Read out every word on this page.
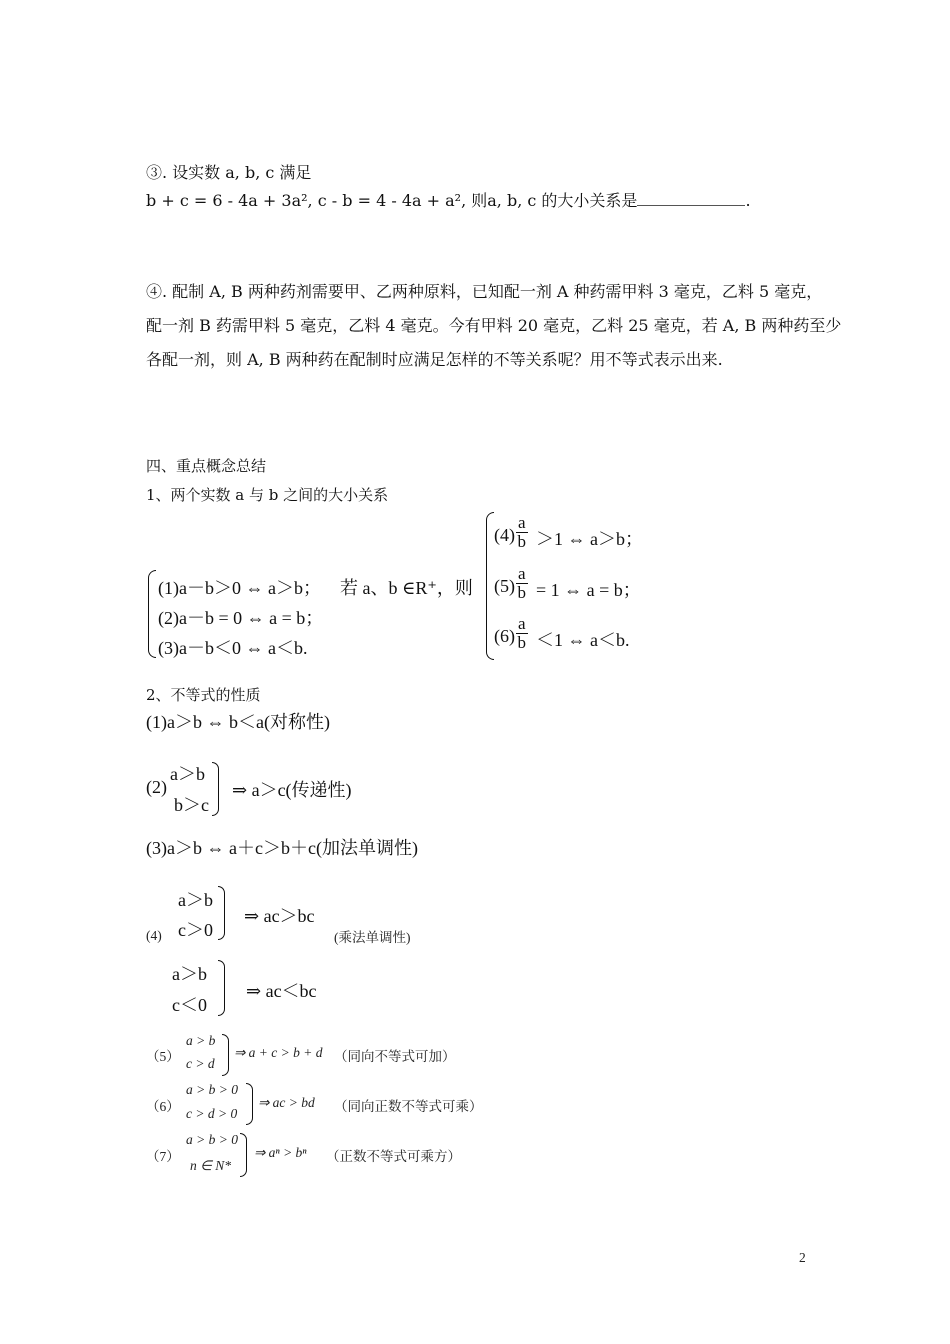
③. 设实数 a, b, c 满足
b + c = 6 - 4a + 3a², c - b = 4 - 4a + a², 则a, b, c 的大小关系是	.
④. 配制 A, B 两种药剂需要甲、乙两种原料，已知配一剂 A 种药需甲料 3 毫克，乙料 5 毫克，
配一剂 B 药需甲料 5 毫克，乙料 4 毫克。今有甲料 20 毫克，乙料 25 毫克，若 A, B 两种药至少
各配一剂，则 A, B 两种药在配制时应满足怎样的不等关系呢？用不等式表示出来.
四、重点概念总结
1、两个实数 a 与 b 之间的大小关系
(1)a－b＞0 ⇔ a＞b；
(2)a－b = 0 ⇔ a = b；
(3)a－b＜0 ⇔ a＜b.
若 a、b ∈R⁺，则
$(4) \frac{a}{b} >1$ ⇔ a＞b；
$(5) \frac{a}{b} = 1$ ⇔ a = b；
$(6) \frac{a}{b} <1$ ⇔ a＜b.
2、不等式的性质
(1)a＞b ⇔ b＜a(对称性)
(2)
a＞b
b＞c
⇒ a＞c(传递性)
(3)a＞b ⇔ a＋c＞b＋c(加法单调性)
a＞b
c＞0
⇒ ac＞bc
(4)	(乘法单调性)
a＞b
c＜0
⇒ ac＜bc
（5）
a > b
c > d
⇒ a + c > b + d （同向不等式可加）
（6）
a > b > 0
c > d > 0
⇒ ac > bd （同向正数不等式可乘）
（7）
a > b > 0
n ∈ N*
⇒ aⁿ > bⁿ （正数不等式可乘方）
2
